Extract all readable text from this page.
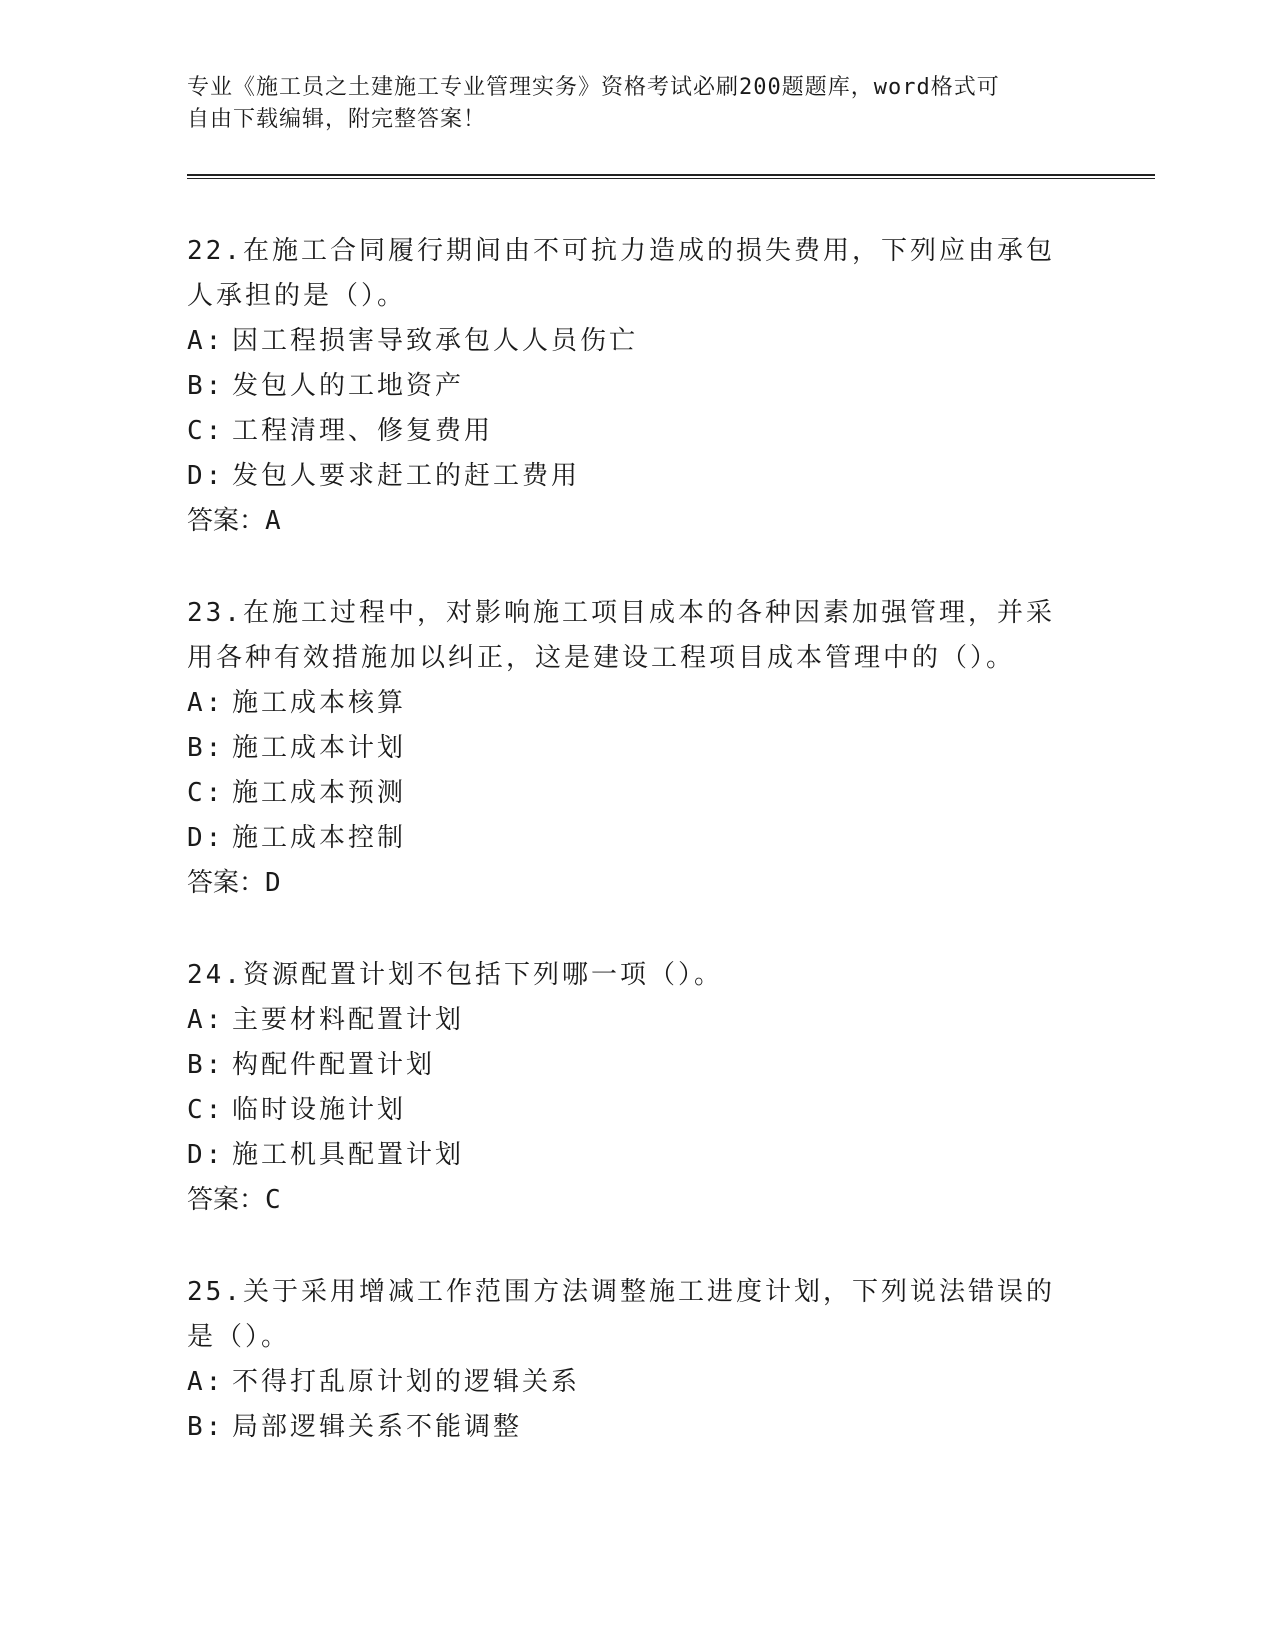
专业《施工员之土建施工专业管理实务》资格考试必刷200题题库，word格式可
自由下载编辑，附完整答案！

22.在施工合同履行期间由不可抗力造成的损失费用，下列应由承包人承担的是（）。

A: 因工程损害导致承包人人员伤亡

B: 发包人的工地资产

C: 工程清理、修复费用

D: 发包人要求赶工的赶工费用

答案：A

23.在施工过程中，对影响施工项目成本的各种因素加强管理，并采用各种有效措施加以纠正，这是建设工程项目成本管理中的（）。

A: 施工成本核算

B: 施工成本计划

C: 施工成本预测

D: 施工成本控制

答案：D

24.资源配置计划不包括下列哪一项（）。

A: 主要材料配置计划

B: 构配件配置计划

C: 临时设施计划

D: 施工机具配置计划

答案：C

25.关于采用增减工作范围方法调整施工进度计划，下列说法错误的是（）。

A: 不得打乱原计划的逻辑关系

B: 局部逻辑关系不能调整
